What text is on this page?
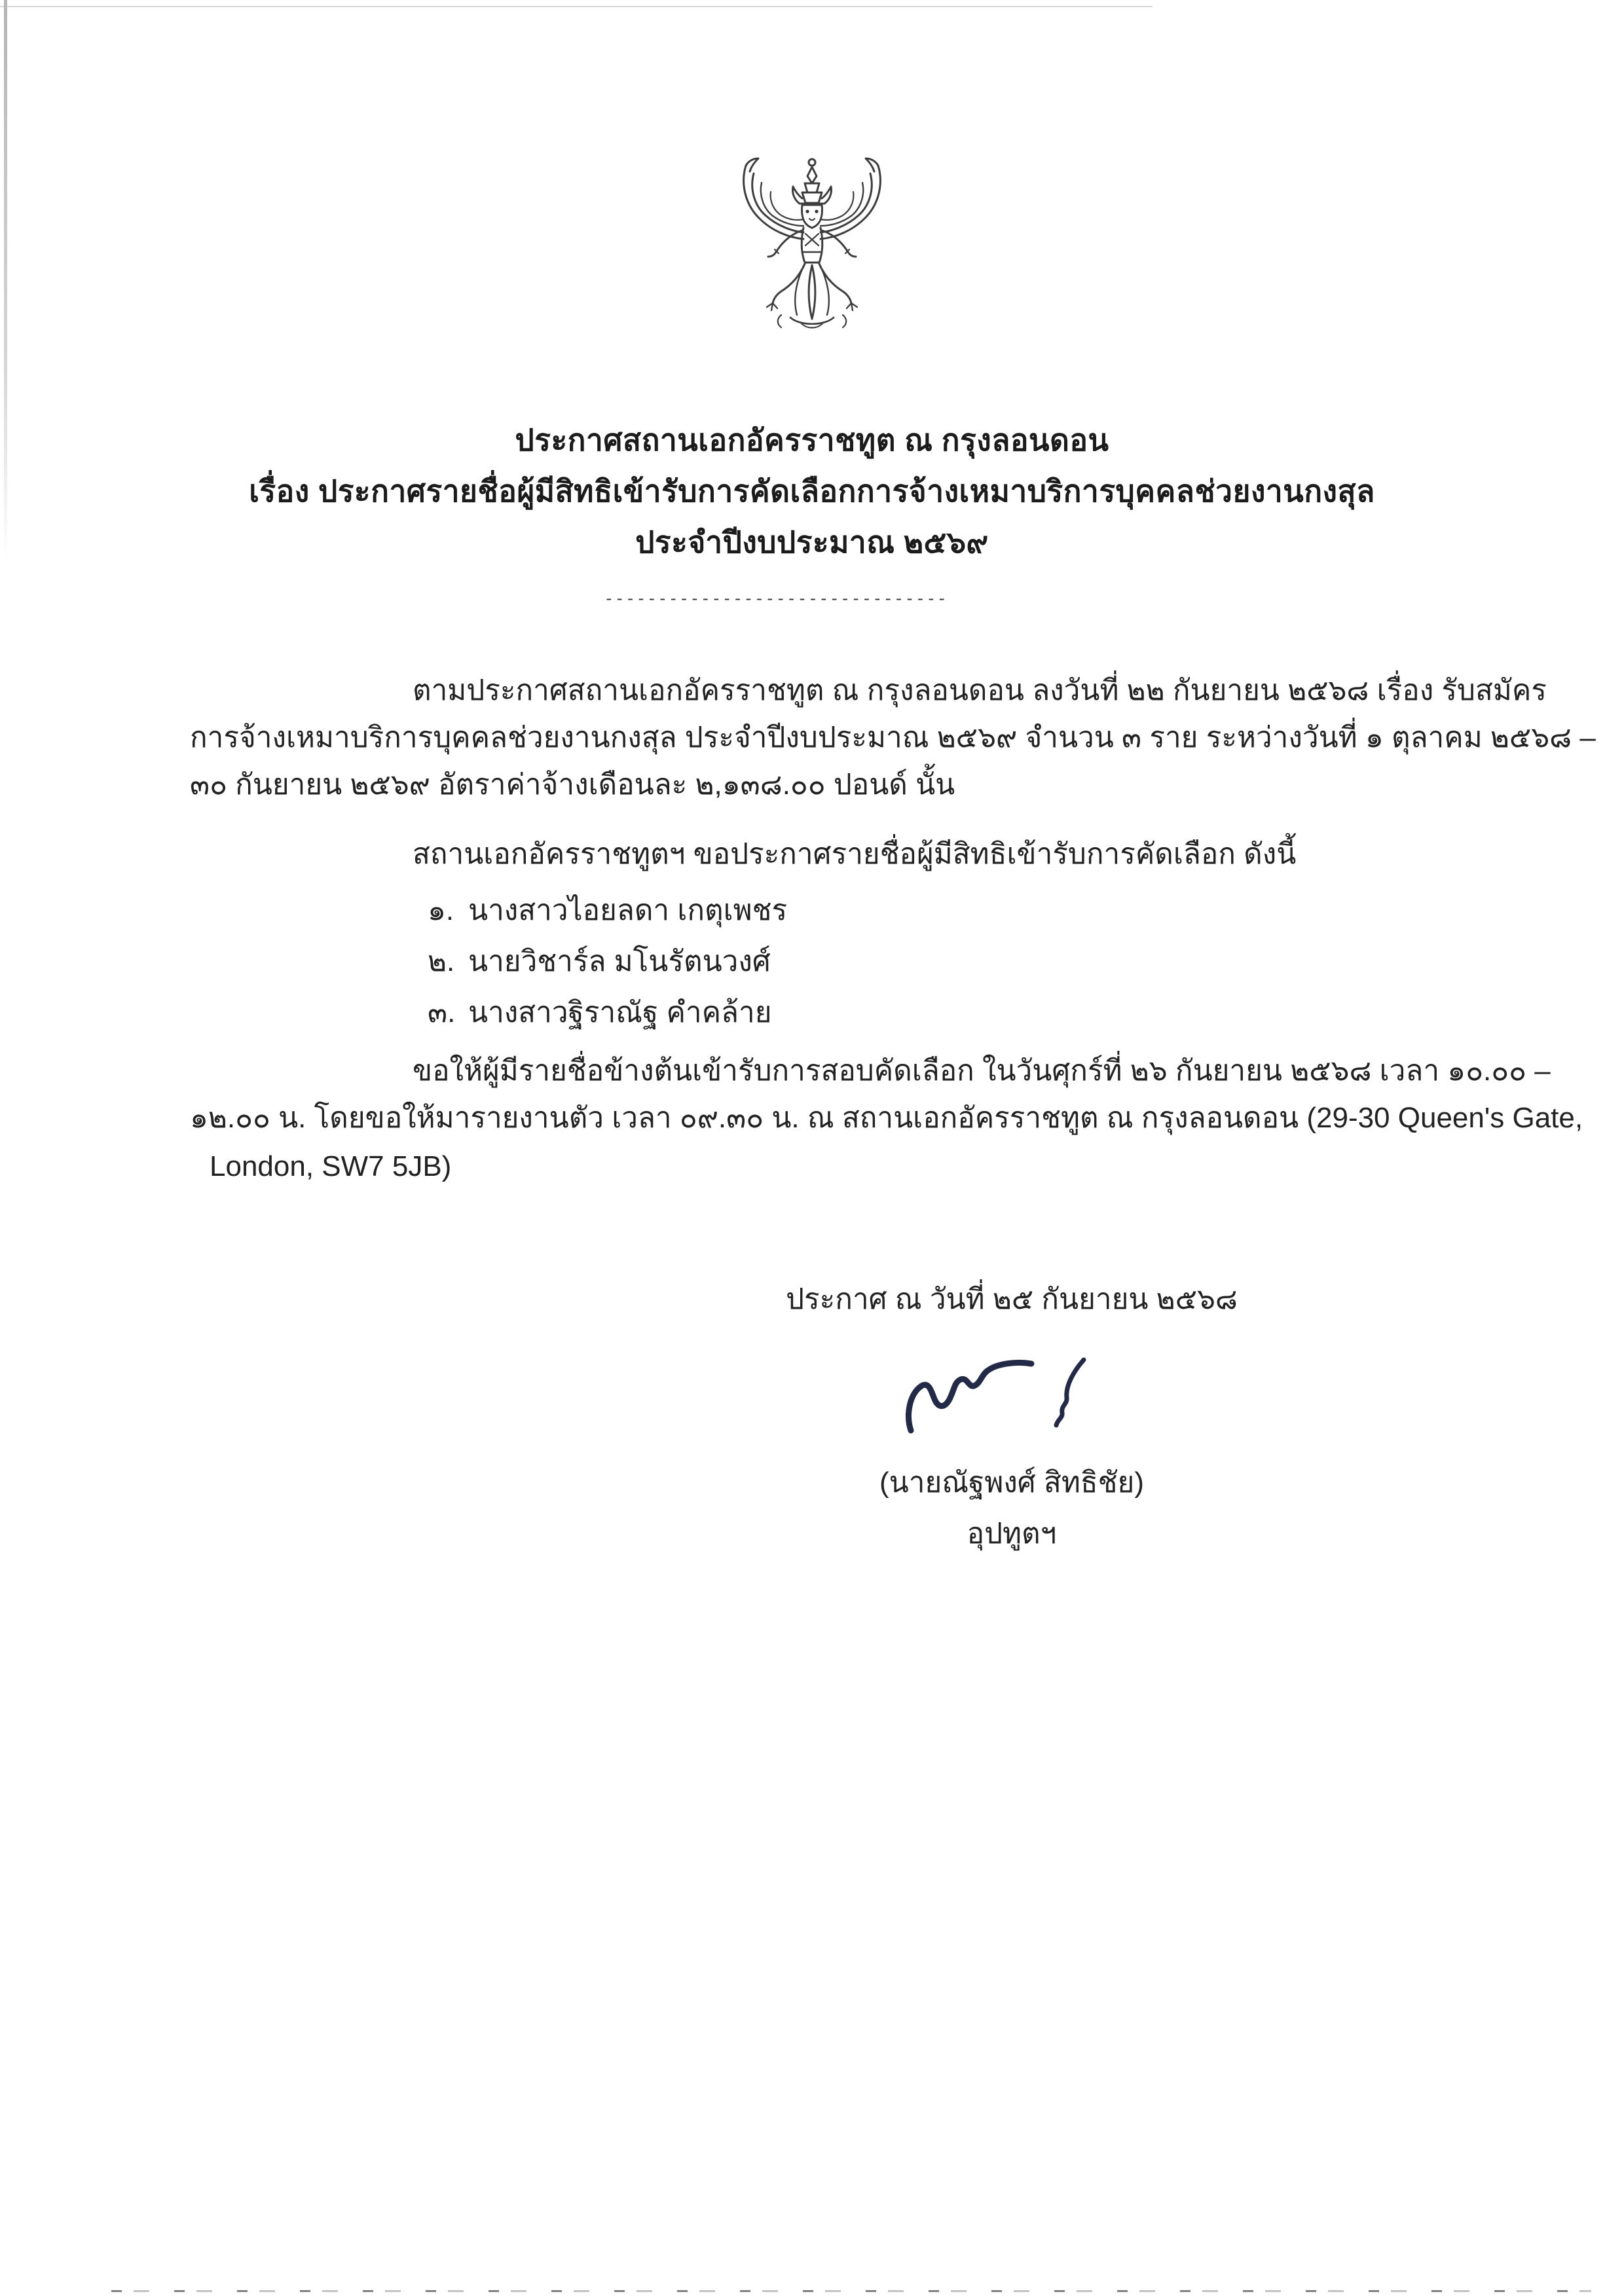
ประกาศสถานเอกอัครราชทูต ณ กรุงลอนดอน
เรื่อง ประกาศรายชื่อผู้มีสิทธิเข้ารับการคัดเลือกการจ้างเหมาบริการบุคคลช่วยงานกงสุล
ประจำปีงบประมาณ ๒๕๖๙
--------------------------------
ตามประกาศสถานเอกอัครราชทูต ณ กรุงลอนดอน ลงวันที่ ๒๒ กันยายน ๒๕๖๘ เรื่อง รับสมัคร
การจ้างเหมาบริการบุคคลช่วยงานกงสุล ประจำปีงบประมาณ ๒๕๖๙ จำนวน ๓ ราย ระหว่างวันที่ ๑ ตุลาคม ๒๕๖๘ –
๓๐ กันยายน ๒๕๖๙ อัตราค่าจ้างเดือนละ ๒,๑๓๘.๐๐ ปอนด์ นั้น
สถานเอกอัครราชทูตฯ ขอประกาศรายชื่อผู้มีสิทธิเข้ารับการคัดเลือก ดังนี้
๑. นางสาวไอยลดา เกตุเพชร
๒. นายวิชาร์ล มโนรัตนวงศ์
๓. นางสาวฐิราณัฐ คำคล้าย
ขอให้ผู้มีรายชื่อข้างต้นเข้ารับการสอบคัดเลือก ในวันศุกร์ที่ ๒๖ กันยายน ๒๕๖๘ เวลา ๑๐.๐๐ –
๑๒.๐๐ น. โดยขอให้มารายงานตัว เวลา ๐๙.๓๐ น. ณ สถานเอกอัครราชทูต ณ กรุงลอนดอน (29-30 Queen's Gate,
London, SW7 5JB)
ประกาศ ณ วันที่ ๒๕ กันยายน ๒๕๖๘
(นายณัฐพงศ์ สิทธิชัย)
อุปทูตฯ
